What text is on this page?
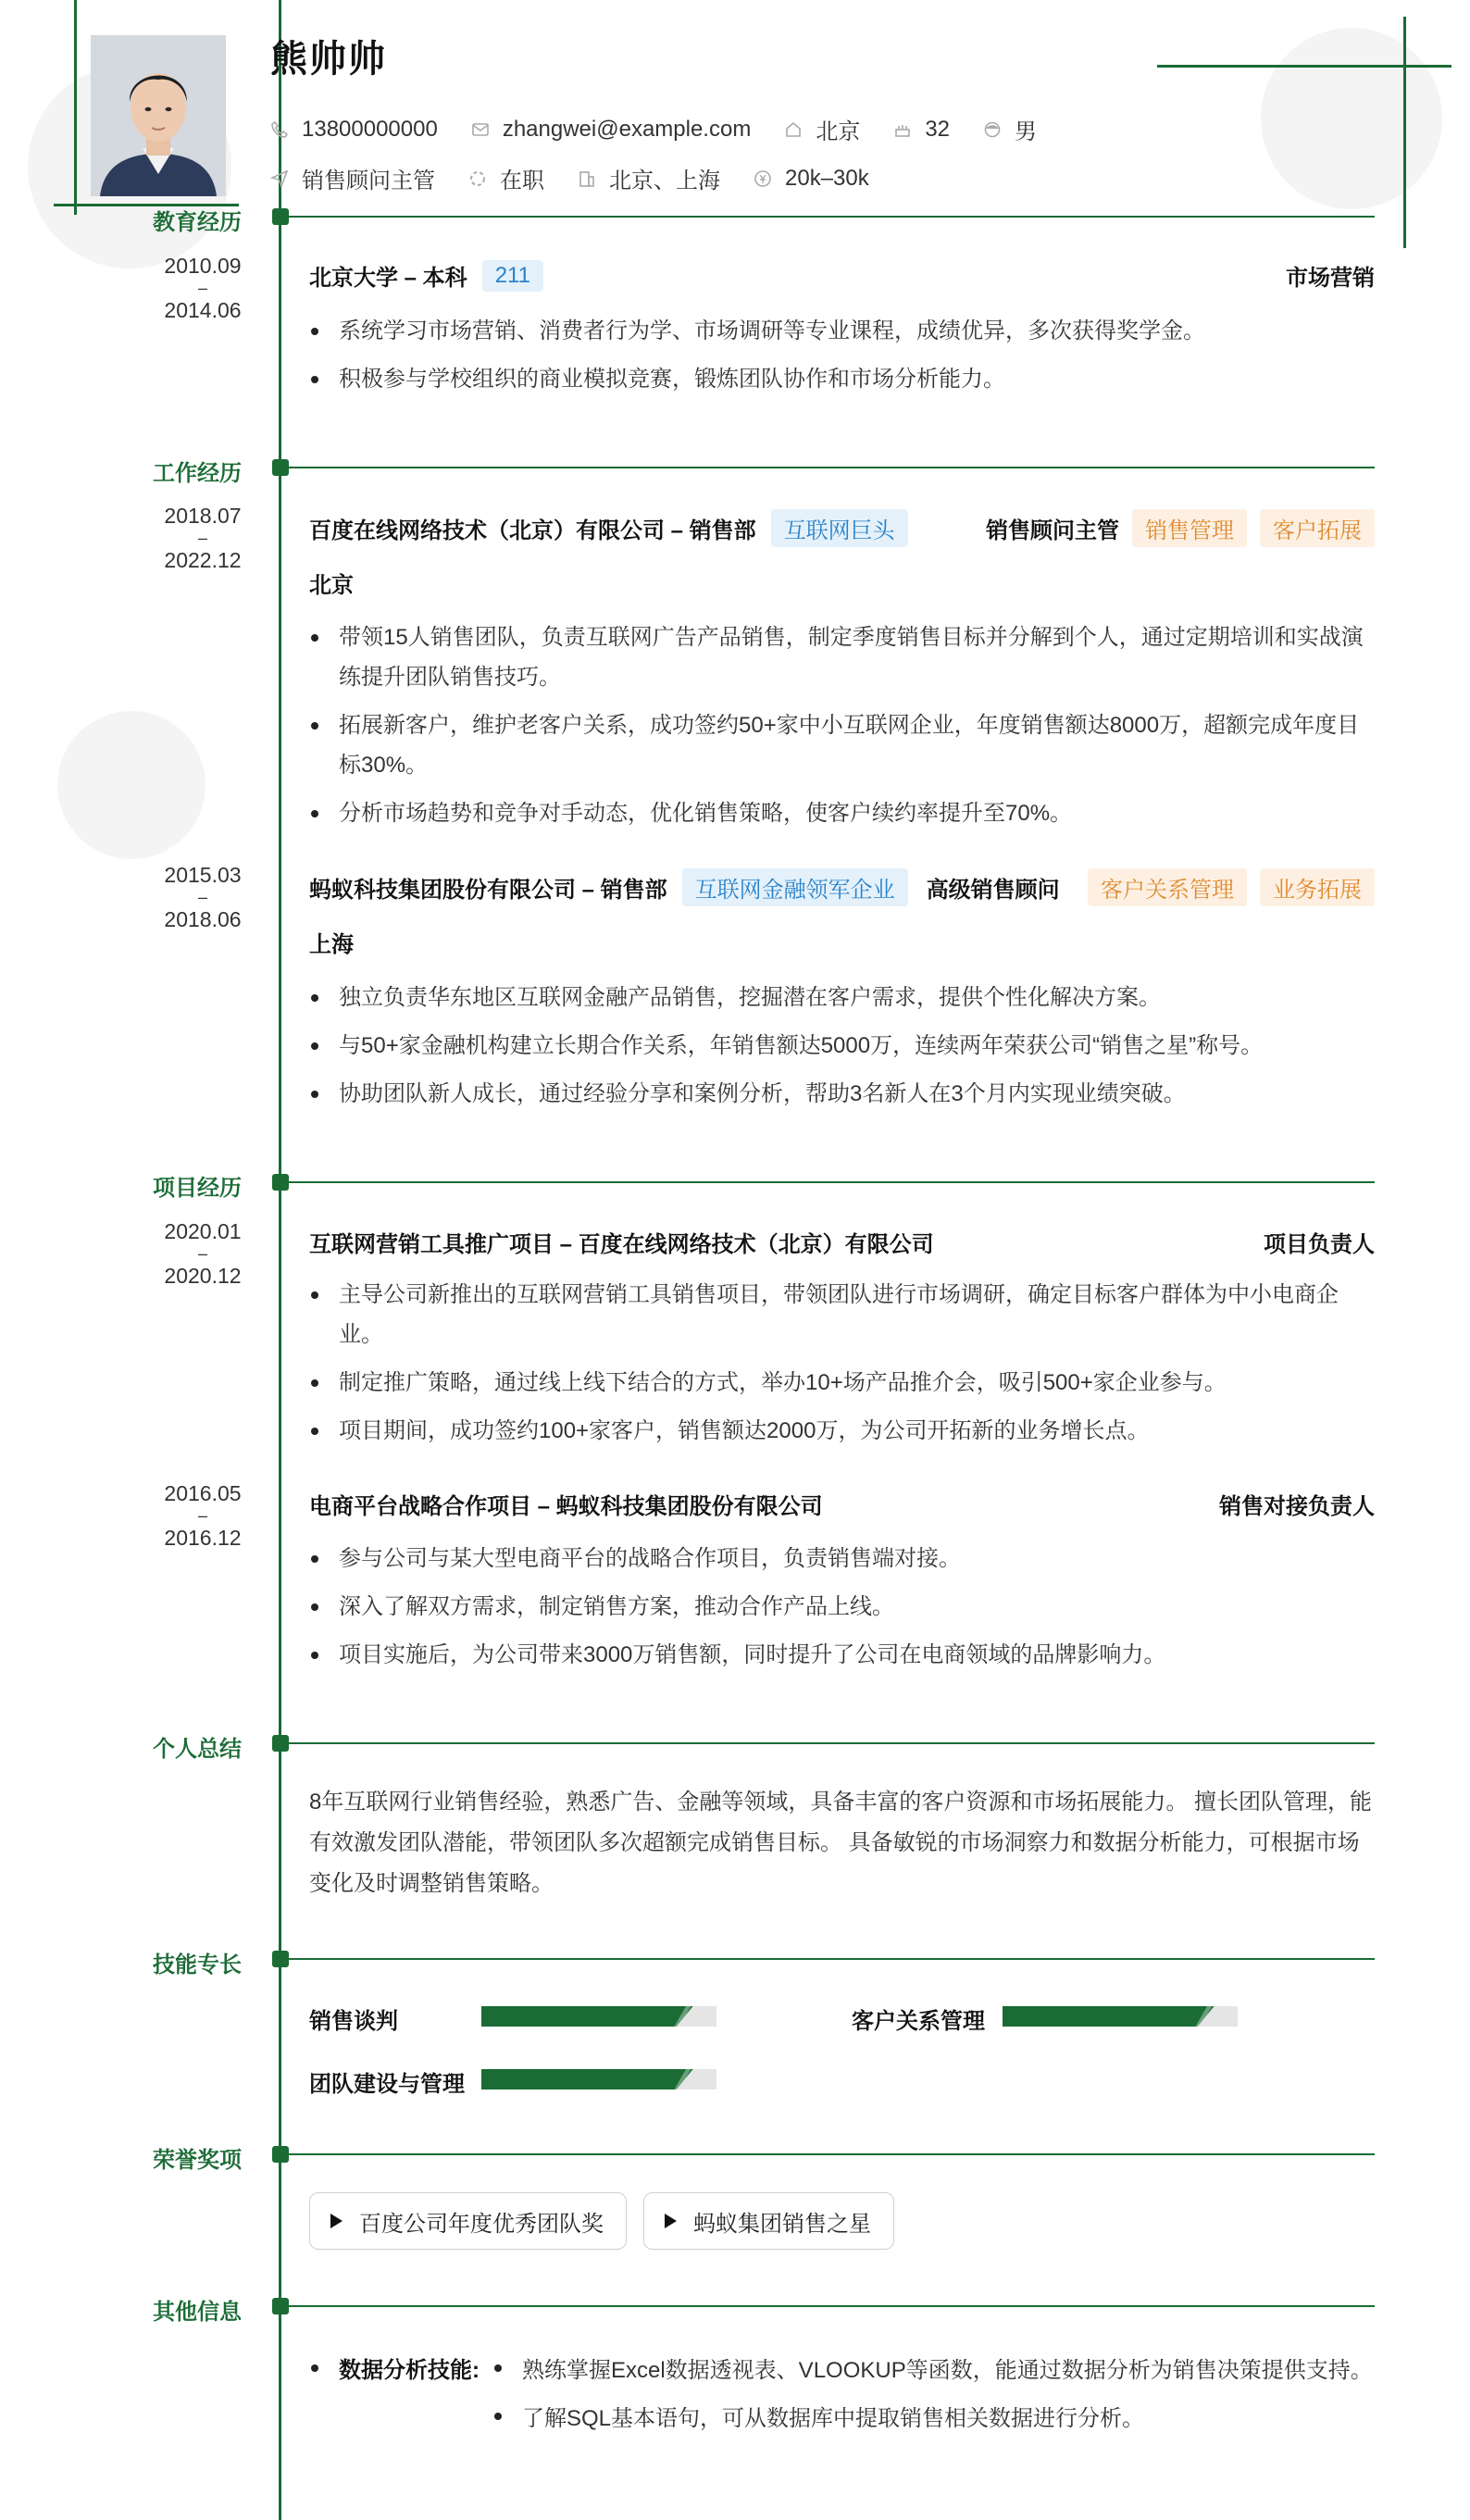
熊帅帅
13800000000	zhangwei@example.com	北京	32	男
销售顾问主管	在职	北京、上海	20k–30k
教育经历
2010.09
–
2014.06
北京大学 – 本科	211	市场营销
系统学习市场营销、消费者行为学、市场调研等专业课程，成绩优异，多次获得奖学金。
积极参与学校组织的商业模拟竞赛，锻炼团队协作和市场分析能力。
工作经历
2018.07
–
2022.12
百度在线网络技术（北京）有限公司 – 销售部	互联网巨头	销售顾问主管	销售管理	客户拓展
北京
带领15人销售团队，负责互联网广告产品销售，制定季度销售目标并分解到个人，通过定期培训和实战演练提升团队销售技巧。
拓展新客户，维护老客户关系，成功签约50+家中小互联网企业，年度销售额达8000万，超额完成年度目标30%。
分析市场趋势和竞争对手动态，优化销售策略，使客户续约率提升至70%。
2015.03
–
2018.06
蚂蚁科技集团股份有限公司 – 销售部	互联网金融领军企业	高级销售顾问	客户关系管理	业务拓展
上海
独立负责华东地区互联网金融产品销售，挖掘潜在客户需求，提供个性化解决方案。
与50+家金融机构建立长期合作关系，年销售额达5000万，连续两年荣获公司“销售之星”称号。
协助团队新人成长，通过经验分享和案例分析，帮助3名新人在3个月内实现业绩突破。
项目经历
2020.01
–
2020.12
互联网营销工具推广项目 – 百度在线网络技术（北京）有限公司	项目负责人
主导公司新推出的互联网营销工具销售项目，带领团队进行市场调研，确定目标客户群体为中小电商企业。
制定推广策略，通过线上线下结合的方式，举办10+场产品推介会，吸引500+家企业参与。
项目期间，成功签约100+家客户，销售额达2000万，为公司开拓新的业务增长点。
2016.05
–
2016.12
电商平台战略合作项目 – 蚂蚁科技集团股份有限公司	销售对接负责人
参与公司与某大型电商平台的战略合作项目，负责销售端对接。
深入了解双方需求，制定销售方案，推动合作产品上线。
项目实施后，为公司带来3000万销售额，同时提升了公司在电商领域的品牌影响力。
个人总结
8年互联网行业销售经验，熟悉广告、金融等领域，具备丰富的客户资源和市场拓展能力。 擅长团队管理，能有效激发团队潜能，带领团队多次超额完成销售目标。 具备敏锐的市场洞察力和数据分析能力，可根据市场变化及时调整销售策略。
技能专长
销售谈判	客户关系管理
团队建设与管理
荣誉奖项
百度公司年度优秀团队奖	蚂蚁集团销售之星
其他信息
数据分析技能:	熟练掌握Excel数据透视表、VLOOKUP等函数，能通过数据分析为销售决策提供支持。
了解SQL基本语句，可从数据库中提取销售相关数据进行分析。
